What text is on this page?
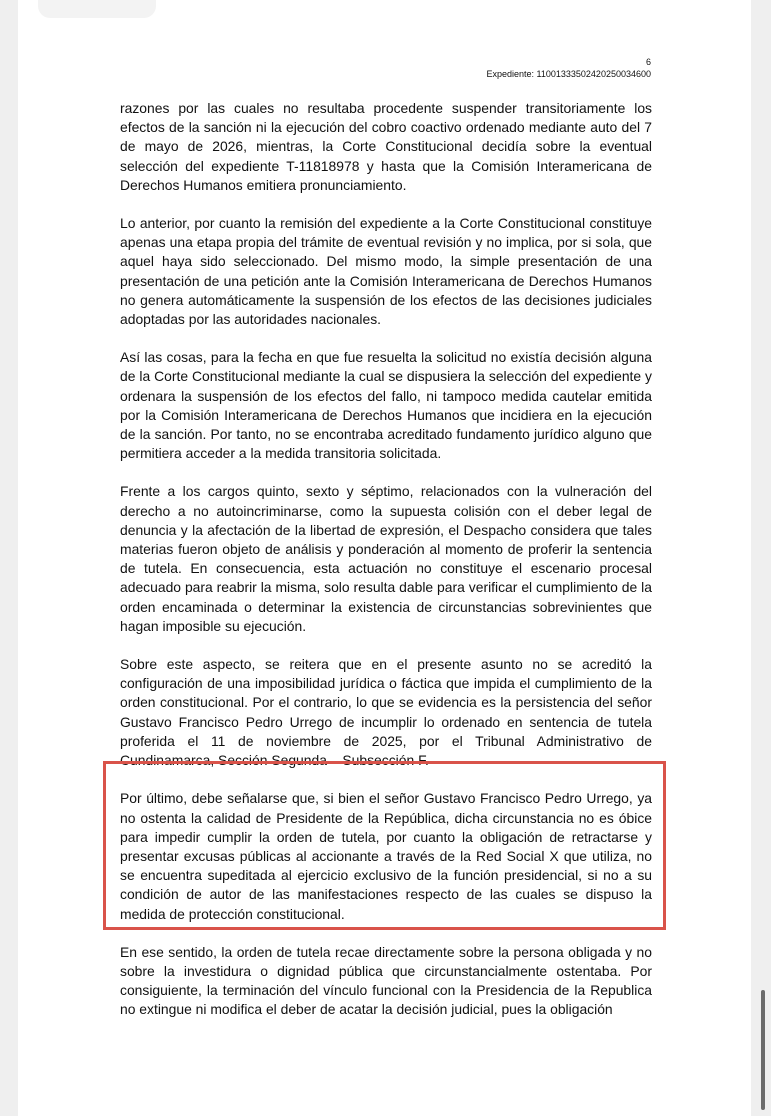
6
Expediente: 11001333502420250034600

razones por las cuales no resultaba procedente suspender transitoriamente los efectos de la sanción ni la ejecución del cobro coactivo ordenado mediante auto del 7 de mayo de 2026, mientras, la Corte Constitucional decidía sobre la eventual selección del expediente T-11818978 y hasta que la Comisión Interamericana de Derechos Humanos emitiera pronunciamiento.

Lo anterior, por cuanto la remisión del expediente a la Corte Constitucional constituye apenas una etapa propia del trámite de eventual revisión y no implica, por si sola, que aquel haya sido seleccionado. Del mismo modo, la simple presentación de una presentación de una petición ante la Comisión Interamericana de Derechos Humanos no genera automáticamente la suspensión de los efectos de las decisiones judiciales adoptadas por las autoridades nacionales.

Así las cosas, para la fecha en que fue resuelta la solicitud no existía decisión alguna de la Corte Constitucional mediante la cual se dispusiera la selección del expediente y ordenara la suspensión de los efectos del fallo, ni tampoco medida cautelar emitida por la Comisión Interamericana de Derechos Humanos que incidiera en la ejecución de la sanción. Por tanto, no se encontraba acreditado fundamento jurídico alguno que permitiera acceder a la medida transitoria solicitada.

Frente a los cargos quinto, sexto y séptimo, relacionados con la vulneración del derecho a no autoincriminarse, como la supuesta colisión con el deber legal de denuncia y la afectación de la libertad de expresión, el Despacho considera que tales materias fueron objeto de análisis y ponderación al momento de proferir la sentencia de tutela. En consecuencia, esta actuación no constituye el escenario procesal adecuado para reabrir la misma, solo resulta dable para verificar el cumplimiento de la orden encaminada o determinar la existencia de circunstancias sobrevinientes que hagan imposible su ejecución.

Sobre este aspecto, se reitera que en el presente asunto no se acreditó la configuración de una imposibilidad jurídica o fáctica que impida el cumplimiento de la orden constitucional. Por el contrario, lo que se evidencia es la persistencia del señor Gustavo Francisco Pedro Urrego de incumplir lo ordenado en sentencia de tutela proferida el 11 de noviembre de 2025, por el Tribunal Administrativo de Cundinamarca, Sección Segunda – Subsección F.

Por último, debe señalarse que, si bien el señor Gustavo Francisco Pedro Urrego, ya no ostenta la calidad de Presidente de la República, dicha circunstancia no es óbice para impedir cumplir la orden de tutela, por cuanto la obligación de retractarse y presentar excusas públicas al accionante a través de la Red Social X que utiliza, no se encuentra supeditada al ejercicio exclusivo de la función presidencial, si no a su condición de autor de las manifestaciones respecto de las cuales se dispuso la medida de protección constitucional.

En ese sentido, la orden de tutela recae directamente sobre la persona obligada y no sobre la investidura o dignidad pública que circunstancialmente ostentaba. Por consiguiente, la terminación del vínculo funcional con la Presidencia de la Republica no extingue ni modifica el deber de acatar la decisión judicial, pues la obligación
